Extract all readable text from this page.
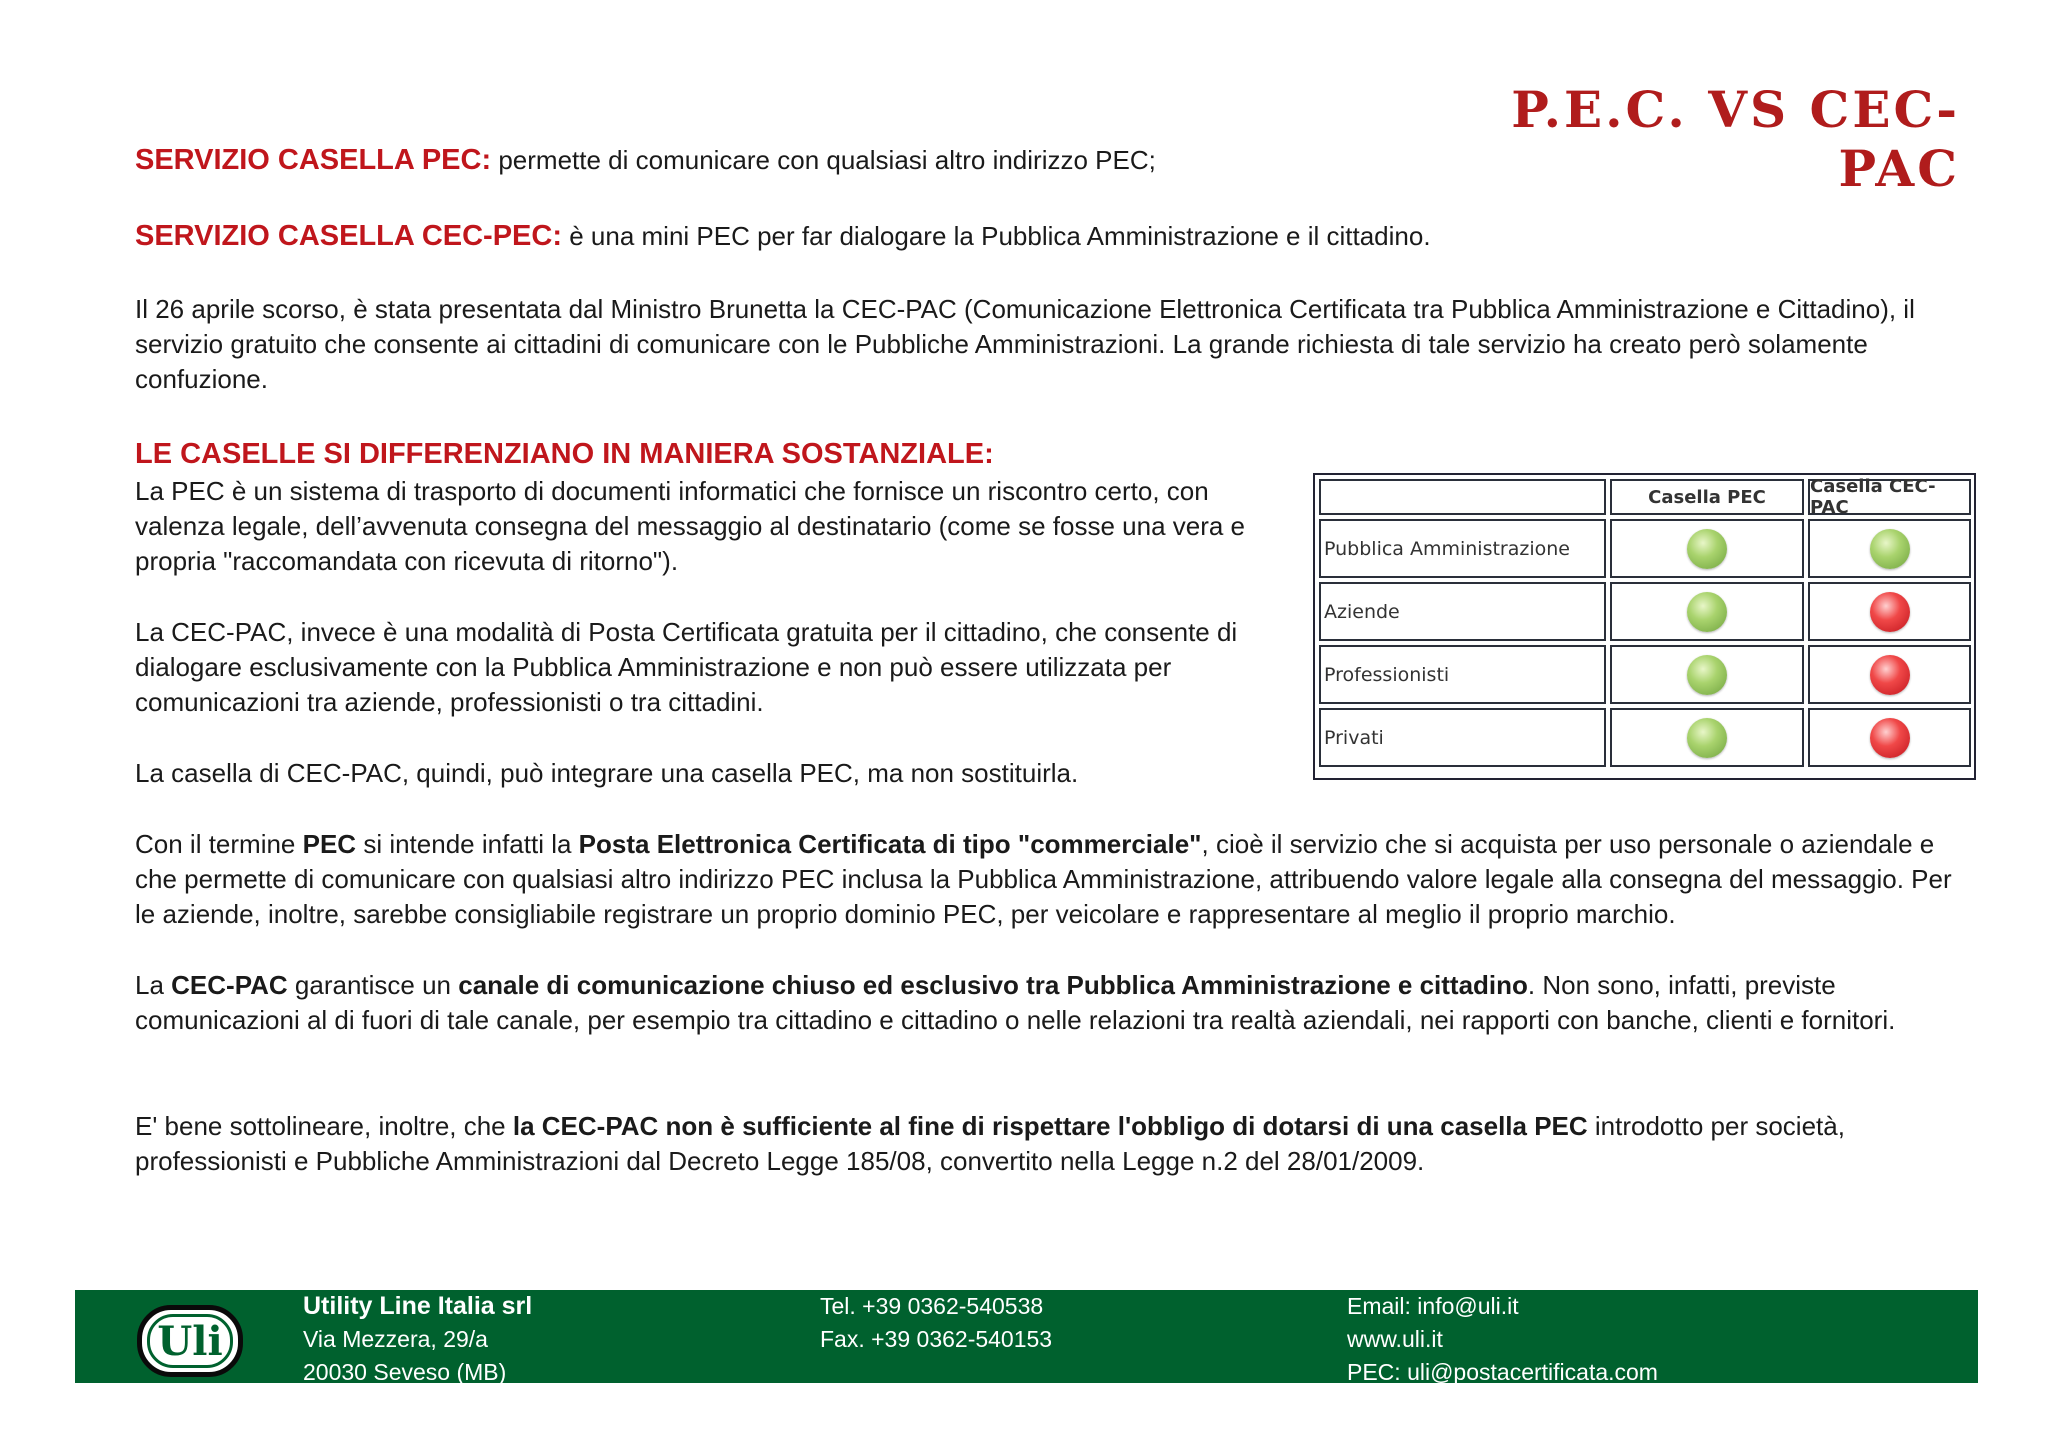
P.E.C. VS CEC-PAC

SERVIZIO CASELLA PEC: permette di comunicare con qualsiasi altro indirizzo PEC;

SERVIZIO CASELLA CEC-PEC: è una mini PEC per far dialogare la Pubblica Amministrazione e il cittadino.

Il 26 aprile scorso, è stata presentata dal Ministro Brunetta la CEC-PAC (Comunicazione Elettronica Certificata tra Pubblica Amministrazione e Cittadino), il servizio gratuito che consente ai cittadini di comunicare con le Pubbliche Amministrazioni. La grande richiesta di tale servizio ha creato però solamente confuzione.

LE CASELLE SI DIFFERENZIANO IN MANIERA SOSTANZIALE:

La PEC è un sistema di trasporto di documenti informatici che fornisce un riscontro certo, con valenza legale, dell’avvenuta consegna del messaggio al destinatario (come se fosse una vera e propria "raccomandata con ricevuta di ritorno").

La CEC-PAC, invece è una modalità di Posta Certificata gratuita per il cittadino, che consente di dialogare esclusivamente con la Pubblica Amministrazione e non può essere utilizzata per comunicazioni tra aziende, professionisti o tra cittadini.

La casella di CEC-PAC, quindi, può integrare una casella PEC, ma non sostituirla.

Con il termine PEC si intende infatti la Posta Elettronica Certificata di tipo "commerciale", cioè il servizio che si acquista per uso personale o aziendale e che permette di comunicare con qualsiasi altro indirizzo PEC inclusa la Pubblica Amministrazione, attribuendo valore legale alla consegna del messaggio. Per le aziende, inoltre, sarebbe consigliabile registrare un proprio dominio PEC, per veicolare e rappresentare al meglio il proprio marchio.

La CEC-PAC garantisce un canale di comunicazione chiuso ed esclusivo tra Pubblica Amministrazione e cittadino. Non sono, infatti, previste comunicazioni al di fuori di tale canale, per esempio tra cittadino e cittadino o nelle relazioni tra realtà aziendali, nei rapporti con banche, clienti e fornitori.

E' bene sottolineare, inoltre, che la CEC-PAC non è sufficiente al fine di rispettare l'obbligo di dotarsi di una casella PEC introdotto per società, professionisti e Pubbliche Amministrazioni dal Decreto Legge 185/08, convertito nella Legge n.2 del 28/01/2009.

Casella PEC	Casella CEC-PAC
Pubblica Amministrazione
Aziende
Professionisti
Privati
Uli
Utility Line Italia srl
Via Mezzera, 29/a
20030 Seveso (MB)
Tel. +39 0362-540538
Fax. +39 0362-540153
Email: info@uli.it
www.uli.it
PEC: uli@postacertificata.com
